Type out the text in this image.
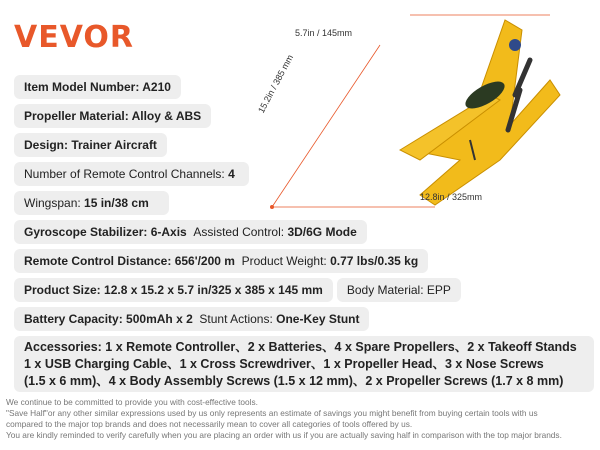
VEVOR	5.7in / 145mm
15.2in / 385 mm
12.8in / 325mm
Item Model Number: A210
Propeller Material: Alloy & ABS
Design: Trainer Aircraft
Number of Remote Control Channels: 4
Wingspan: 15 in/38 cm
Gyroscope Stabilizer: 6-Axis Assisted Control: 3D/6G Mode
Remote Control Distance: 656'/200 m Product Weight: 0.77 lbs/0.35 kg
Product Size: 12.8 x 15.2 x 5.7 in/325 x 385 x 145 mm	Body Material: EPP
Battery Capacity: 500mAh x 2 Stunt Actions: One-Key Stunt
Accessories: 1 x Remote Controller、2 x Batteries、4 x Spare Propellers、2 x Takeoff Stands
1 x USB Charging Cable、1 x Cross Screwdriver、1 x Propeller Head、3 x Nose Screws
(1.5 x 6 mm)、4 x Body Assembly Screws (1.5 x 12 mm)、2 x Propeller Screws (1.7 x 8 mm)
We continue to be committed to provide you with cost-effective tools.
"Save Half"or any other similar expressions used by us only represents an estimate of savings you might benefit from buying certain tools with us
compared to the major top brands and does not necessarily mean to cover all categories of tools offered by us.
You are kindly reminded to verify carefully when you are placing an order with us if you are actually saving half in comparison with the top major brands.
